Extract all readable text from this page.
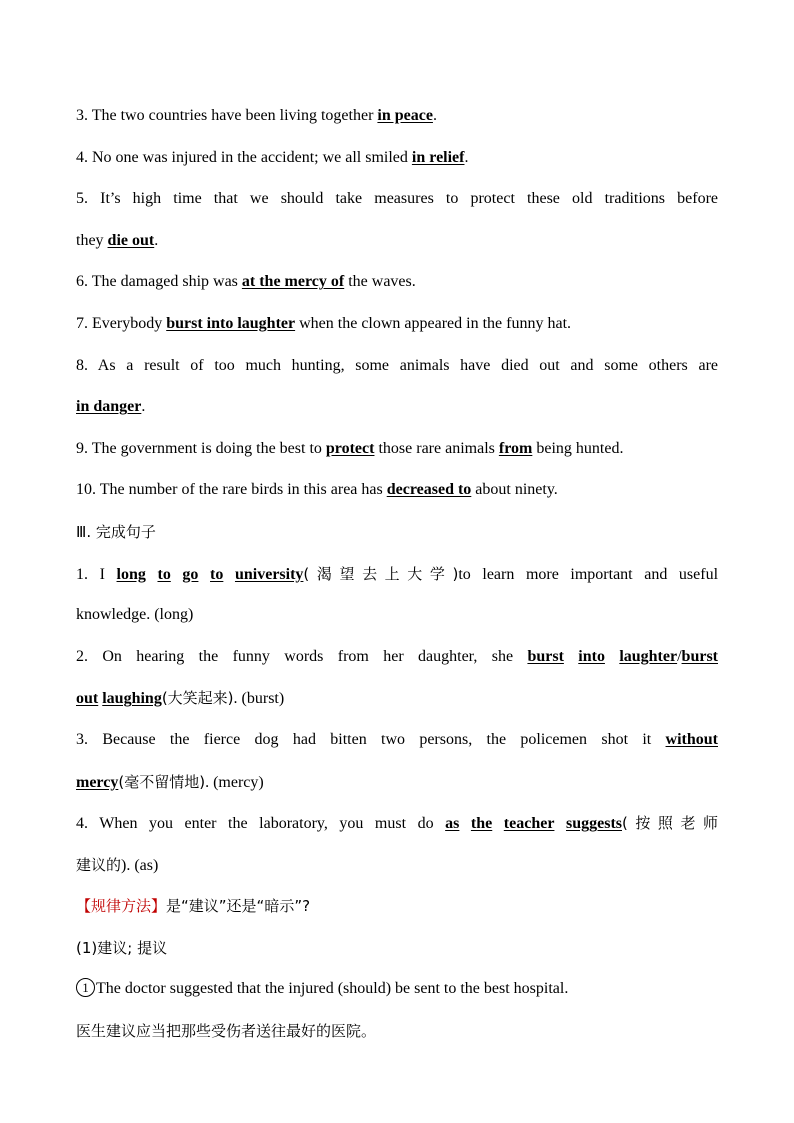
3. The two countries have been living together in peace.
4. No one was injured in the accident; we all smiled in relief.
5. It’s high time that we should take measures to protect these old traditions before
they die out.
6. The damaged ship was at the mercy of the waves.
7. Everybody burst into laughter when the clown appeared in the funny hat.
8. As a result of too much hunting, some animals have died out and some others are
in danger.
9. The government is doing the best to protect those rare animals from being hunted.
10. The number of the rare birds in this area has decreased to about ninety.
Ⅲ. 完成句子
1. I long to go to university(渴望去上大学)to learn more important and useful
knowledge. (long)
2. On hearing the funny words from her daughter, she burst into laughter/burst
out laughing(大笑起来). (burst)
3. Because the fierce dog had bitten two persons, the policemen shot it without
mercy(毫不留情地). (mercy)
4. When you enter the laboratory, you must do as the teacher suggests(按照老师
建议的). (as)
【规律方法】是“建议”还是“暗示”?
(1)建议; 提议
1 The doctor suggested that the injured (should) be sent to the best hospital.
医生建议应当把那些受伤者送往最好的医院。
